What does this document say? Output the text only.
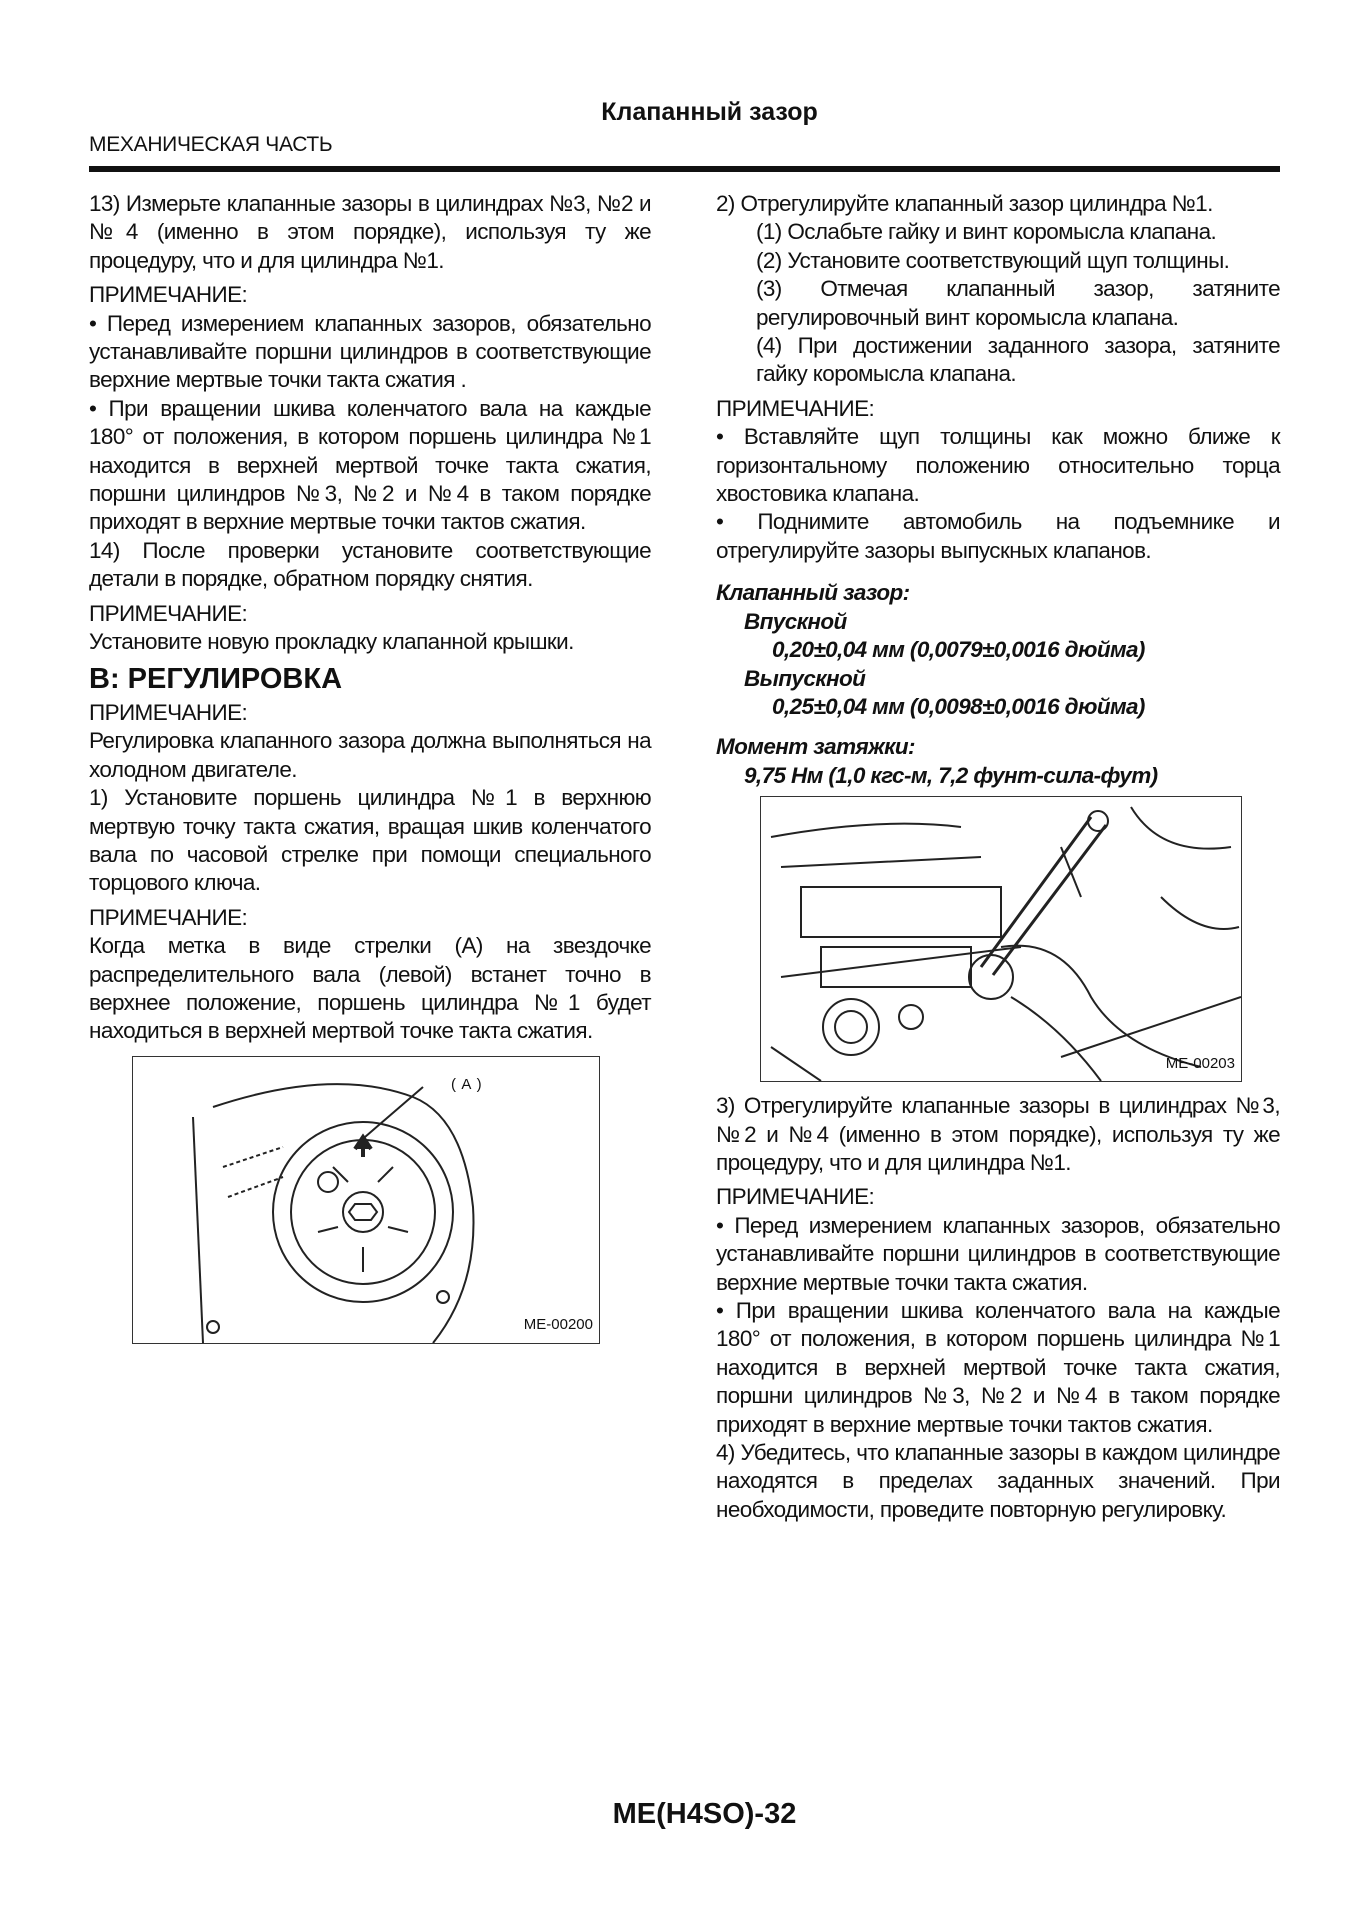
Клапанный зазор
МЕХАНИЧЕСКАЯ ЧАСТЬ

13) Измерьте клапанные зазоры в цилиндрах №3, №2 и №4 (именно в этом порядке), используя ту же процедуру, что и для цилиндра №1.

ПРИМЕЧАНИЕ:

• Перед измерением клапанных зазоров, обязательно устанавливайте поршни цилиндров в соответствующие верхние мертвые точки такта сжатия .

• При вращении шкива коленчатого вала на каждые 180° от положения, в котором поршень цилиндра №1 находится в верхней мертвой точке такта сжатия, поршни цилиндров №3, №2 и №4 в таком порядке приходят в верхние мертвые точки тактов сжатия.

14) После проверки установите соответствующие детали в порядке, обратном порядку снятия.

ПРИМЕЧАНИЕ:

Установите новую прокладку клапанной крышки.

B: РЕГУЛИРОВКА

ПРИМЕЧАНИЕ:

Регулировка клапанного зазора должна выполняться на холодном двигателе.

1) Установите поршень цилиндра №1 в верхнюю мертвую точку такта сжатия, вращая шкив коленчатого вала по часовой стрелке при помощи специального торцового ключа.

ПРИМЕЧАНИЕ:

Когда метка в виде стрелки (A) на звездочке распределительного вала (левой) встанет точно в верхнее положение, поршень цилиндра №1 будет находиться в верхней мертвой точке такта сжатия.

( A )
ME-00200

2) Отрегулируйте клапанный зазор цилиндра №1.

(1) Ослабьте гайку и винт коромысла клапана.

(2) Установите соответствующий щуп толщины.

(3) Отмечая клапанный зазор, затяните регулировочный винт коромысла клапана.

(4) При достижении заданного зазора, затяните гайку коромысла клапана.

ПРИМЕЧАНИЕ:

• Вставляйте щуп толщины как можно ближе к горизонтальному положению относительно торца хвостовика клапана.

• Поднимите автомобиль на подъемнике и отрегулируйте зазоры выпускных клапанов.

Клапанный зазор:

Впускной

0,20±0,04 мм (0,0079±0,0016 дюйма)

Выпускной

0,25±0,04 мм (0,0098±0,0016 дюйма)

Момент затяжки:

9,75 Нм (1,0 кгс-м, 7,2 фунт-сила-фут)

ME-00203

3) Отрегулируйте клапанные зазоры в цилиндрах №3, №2 и №4 (именно в этом порядке), используя ту же процедуру, что и для цилиндра №1.

ПРИМЕЧАНИЕ:

• Перед измерением клапанных зазоров, обязательно устанавливайте поршни цилиндров в соответствующие верхние мертвые точки такта сжатия.

• При вращении шкива коленчатого вала на каждые 180° от положения, в котором поршень цилиндра №1 находится в верхней мертвой точке такта сжатия, поршни цилиндров №3, №2 и №4 в таком порядке приходят в верхние мертвые точки тактов сжатия.

4) Убедитесь, что клапанные зазоры в каждом цилиндре находятся в пределах заданных значений. При необходимости, проведите повторную регулировку.

ME(H4SO)-32
